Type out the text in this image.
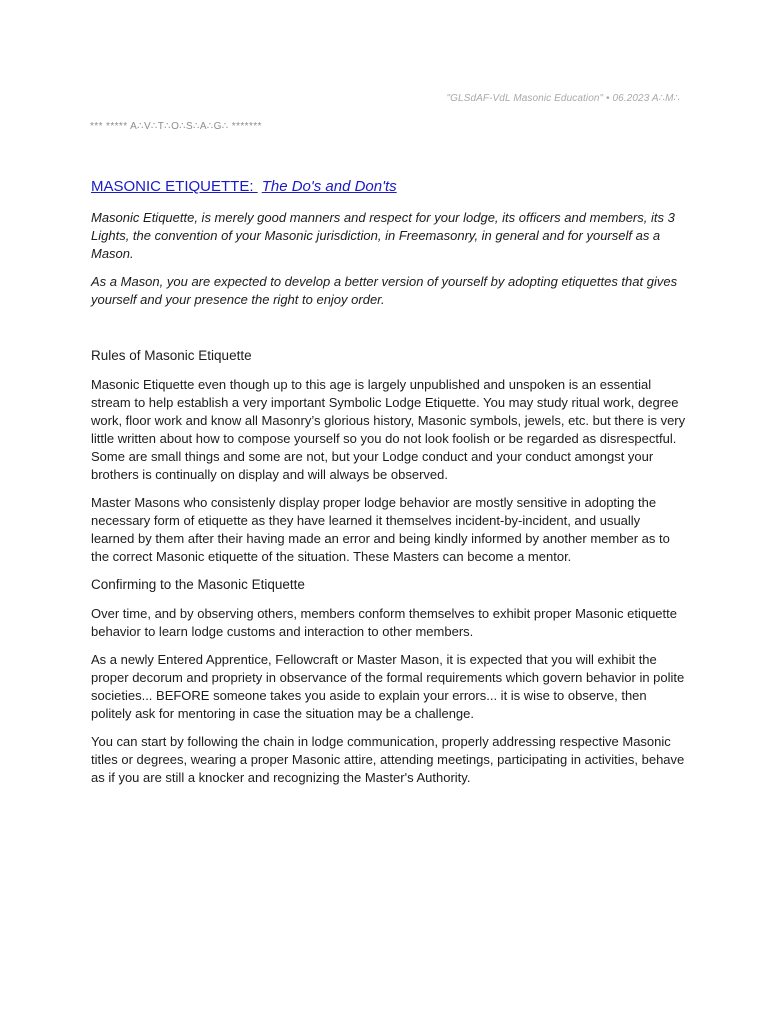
"GLSdAF-VdL Masonic Education" • 06.2023 A∴M∴
*** ***** A∴V∴T∴O∴S∴A∴G∴ *******
MASONIC ETIQUETTE: The Do's and Don'ts

Masonic Etiquette, is merely good manners and respect for your lodge, its officers and members, its 3 Lights, the convention of your Masonic jurisdiction, in Freemasonry, in general and for yourself as a Mason.

As a Mason, you are expected to develop a better version of yourself by adopting etiquettes that gives yourself and your presence the right to enjoy order.

Rules of Masonic Etiquette

Masonic Etiquette even though up to this age is largely unpublished and unspoken is an essential stream to help establish a very important Symbolic Lodge Etiquette. You may study ritual work, degree work, floor work and know all Masonry’s glorious history, Masonic symbols, jewels, etc. but there is very little written about how to compose yourself so you do not look foolish or be regarded as disrespectful. Some are small things and some are not, but your Lodge conduct and your conduct amongst your brothers is continually on display and will always be observed.

Master Masons who consistenly display proper lodge behavior are mostly sensitive in adopting the necessary form of etiquette as they have learned it themselves incident-by-incident, and usually learned by them after their having made an error and being kindly informed by another member as to the correct Masonic etiquette of the situation. These Masters can become a mentor.

Confirming to the Masonic Etiquette

Over time, and by observing others, members conform themselves to exhibit proper Masonic etiquette behavior to learn lodge customs and interaction to other members.

As a newly Entered Apprentice, Fellowcraft or Master Mason, it is expected that you will exhibit the proper decorum and propriety in observance of the formal requirements which govern behavior in polite societies... BEFORE someone takes you aside to explain your errors... it is wise to observe, then politely ask for mentoring in case the situation may be a challenge.

You can start by following the chain in lodge communication, properly addressing respective Masonic titles or degrees, wearing a proper Masonic attire, attending meetings, participating in activities, behave as if you are still a knocker and recognizing the Master's Authority.
